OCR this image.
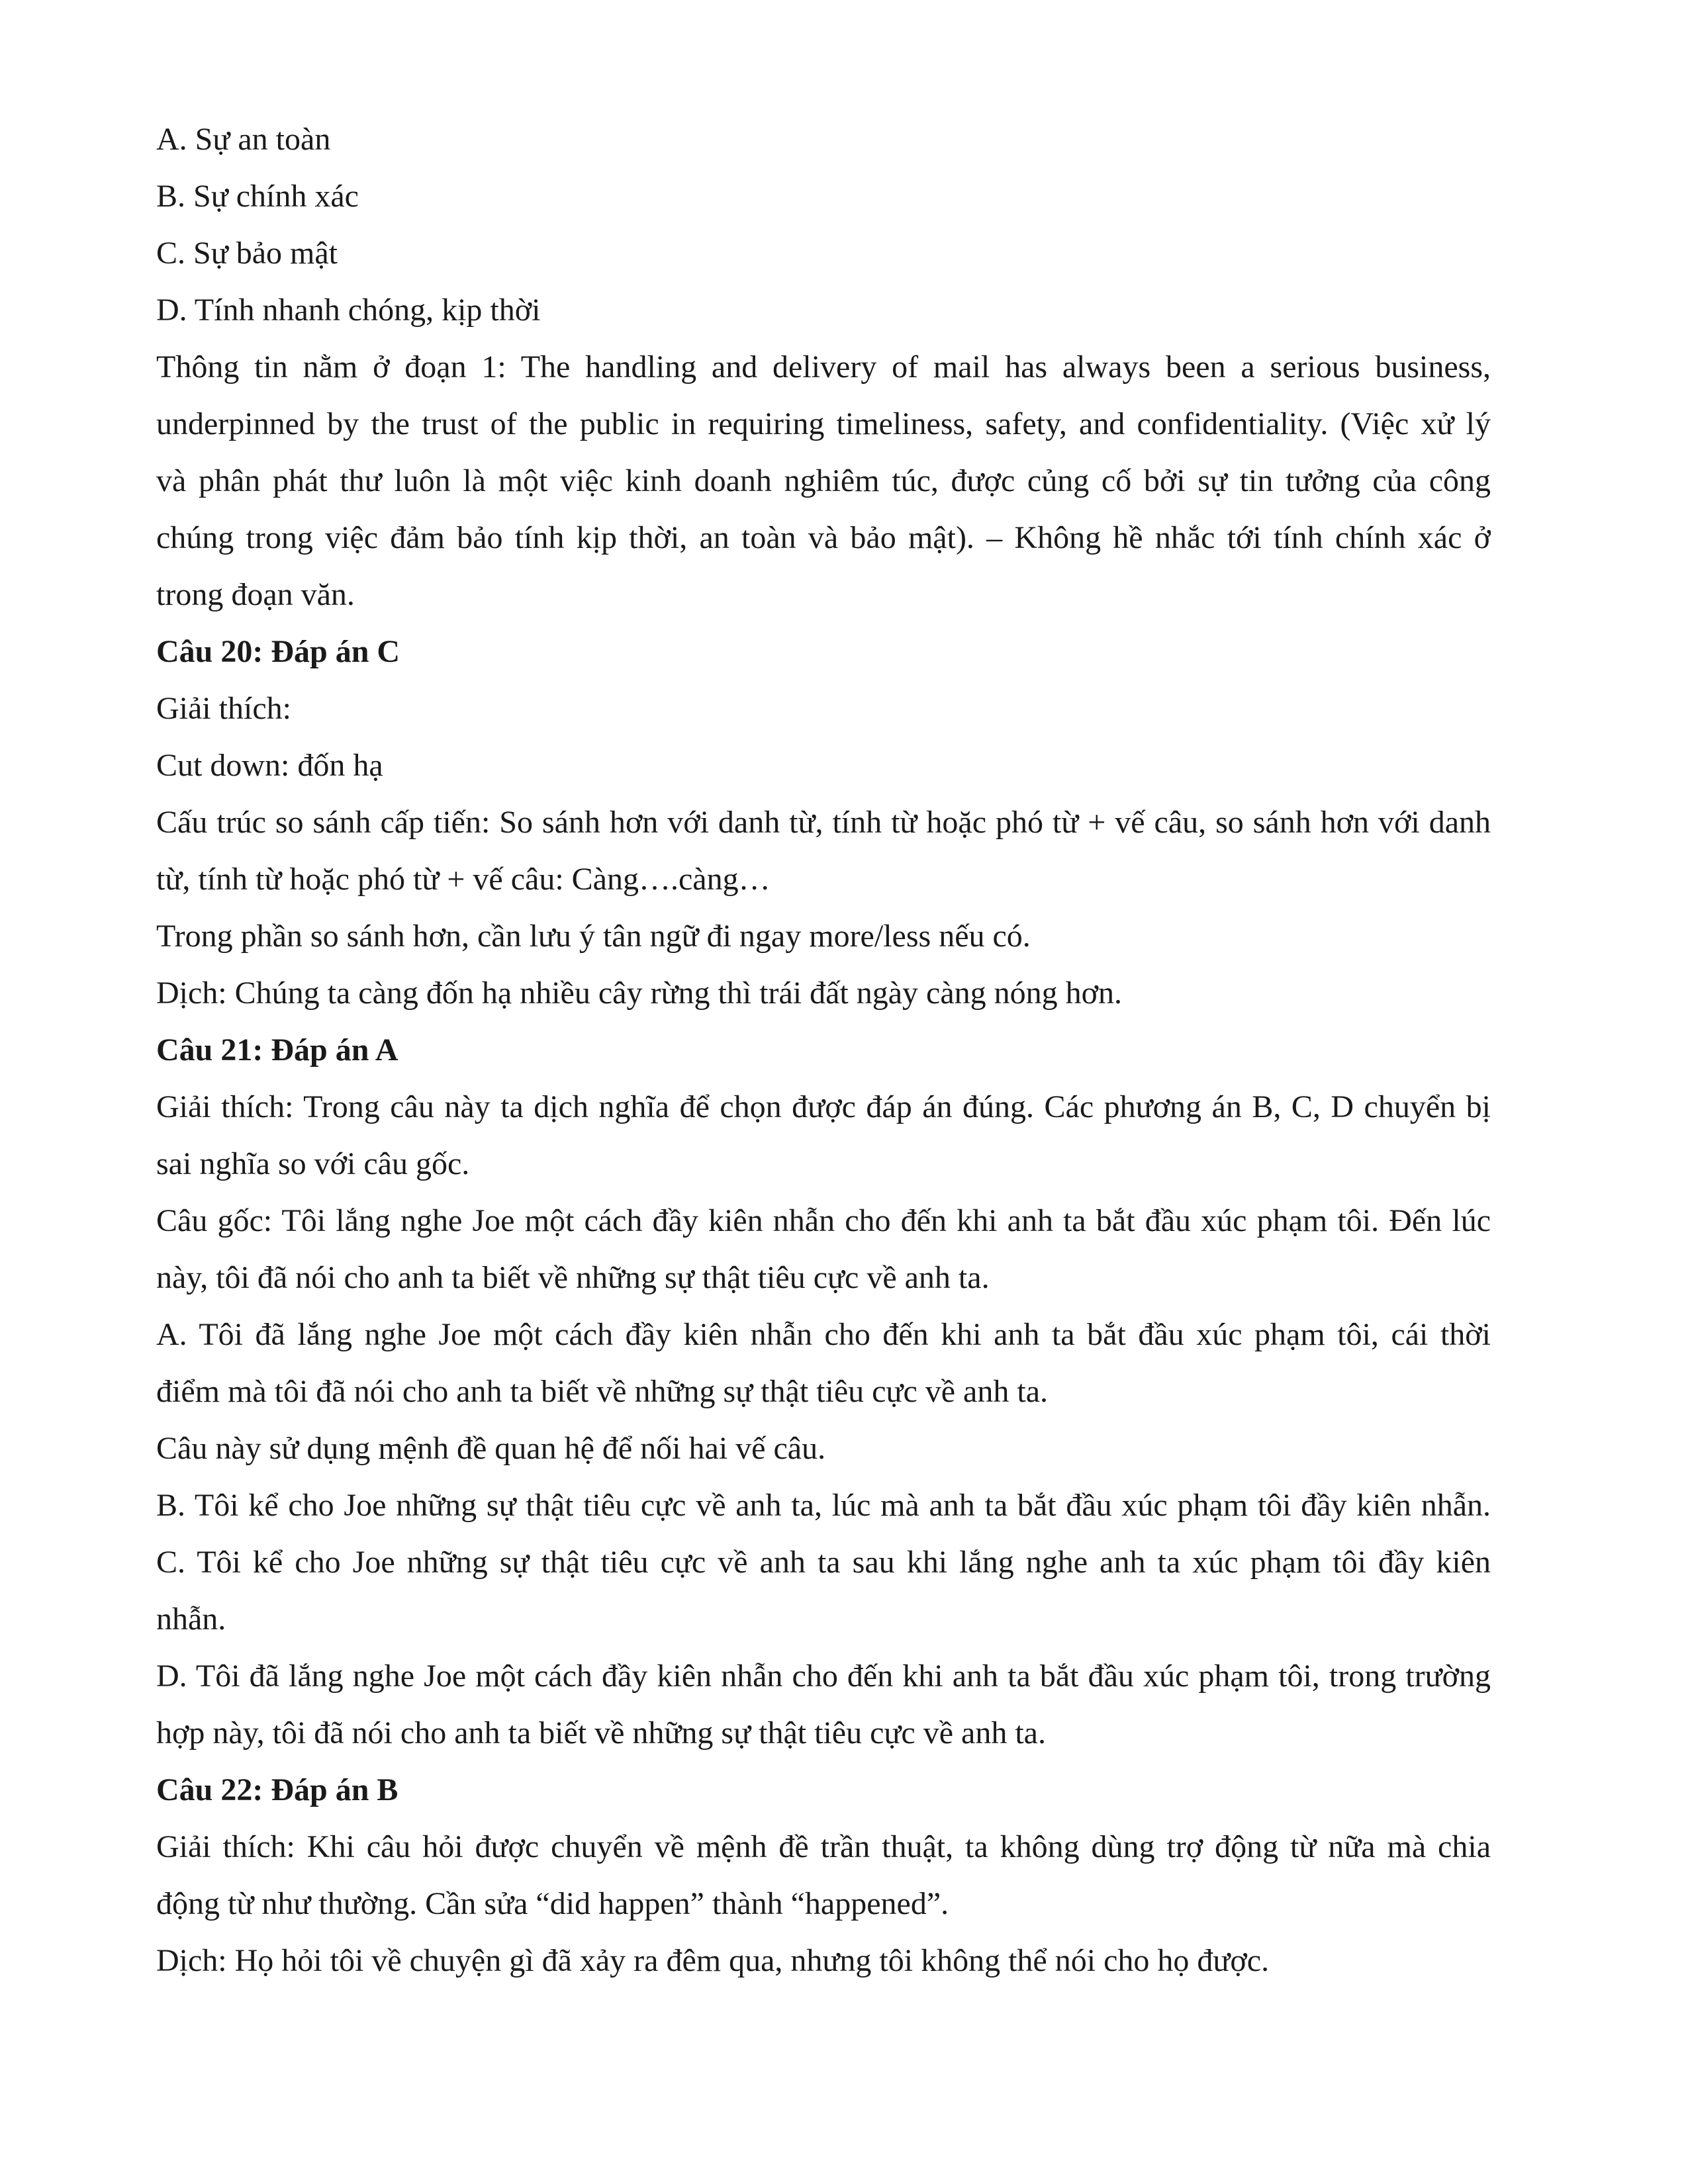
A. Sự an toàn
B. Sự chính xác
C. Sự bảo mật
D. Tính nhanh chóng, kịp thời
Thông tin nằm ở đoạn 1: The handling and delivery of mail has always been a serious business,
underpinned by the trust of the public in requiring timeliness, safety, and confidentiality. (Việc xử lý
và phân phát thư luôn là một việc kinh doanh nghiêm túc, được củng cố bởi sự tin tưởng của công
chúng trong việc đảm bảo tính kịp thời, an toàn và bảo mật). – Không hề nhắc tới tính chính xác ở
trong đoạn văn.
Câu 20: Đáp án C
Giải thích:
Cut down: đốn hạ
Cấu trúc so sánh cấp tiến: So sánh hơn với danh từ, tính từ hoặc phó từ + vế câu, so sánh hơn với danh
từ, tính từ hoặc phó từ + vế câu: Càng….càng…
Trong phần so sánh hơn, cần lưu ý tân ngữ đi ngay more/less nếu có.
Dịch: Chúng ta càng đốn hạ nhiều cây rừng thì trái đất ngày càng nóng hơn.
Câu 21: Đáp án A
Giải thích: Trong câu này ta dịch nghĩa để chọn được đáp án đúng. Các phương án B, C, D chuyển bị
sai nghĩa so với câu gốc.
Câu gốc: Tôi lắng nghe Joe một cách đầy kiên nhẫn cho đến khi anh ta bắt đầu xúc phạm tôi. Đến lúc
này, tôi đã nói cho anh ta biết về những sự thật tiêu cực về anh ta.
A. Tôi đã lắng nghe Joe một cách đầy kiên nhẫn cho đến khi anh ta bắt đầu xúc phạm tôi, cái thời
điểm mà tôi đã nói cho anh ta biết về những sự thật tiêu cực về anh ta.
Câu này sử dụng mệnh đề quan hệ để nối hai vế câu.
B. Tôi kể cho Joe những sự thật tiêu cực về anh ta, lúc mà anh ta bắt đầu xúc phạm tôi đầy kiên nhẫn.
C. Tôi kể cho Joe những sự thật tiêu cực về anh ta sau khi lắng nghe anh ta xúc phạm tôi đầy kiên
nhẫn.
D. Tôi đã lắng nghe Joe một cách đầy kiên nhẫn cho đến khi anh ta bắt đầu xúc phạm tôi, trong trường
hợp này, tôi đã nói cho anh ta biết về những sự thật tiêu cực về anh ta.
Câu 22: Đáp án B
Giải thích: Khi câu hỏi được chuyển về mệnh đề trần thuật, ta không dùng trợ động từ nữa mà chia
động từ như thường. Cần sửa “did happen” thành “happened”.
Dịch: Họ hỏi tôi về chuyện gì đã xảy ra đêm qua, nhưng tôi không thể nói cho họ được.
